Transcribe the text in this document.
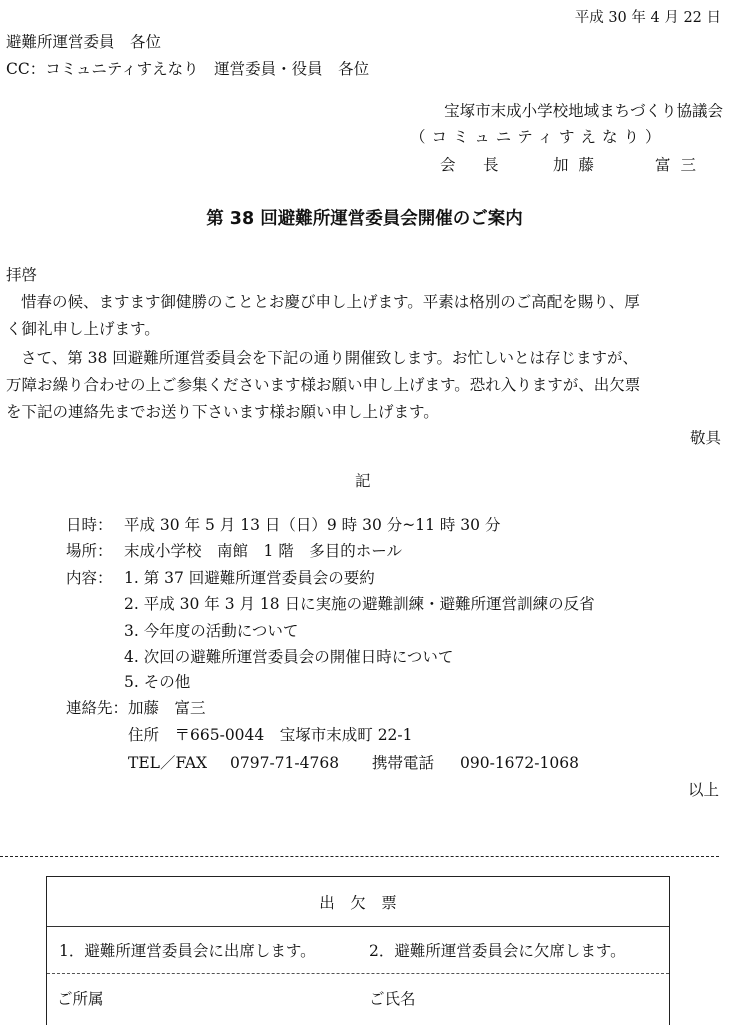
平成 30 年 4 月 22 日
避難所運営委員　各位
CC：コミュニティすえなり　運営委員・役員　各位
宝塚市末成小学校地域まちづくり協議会
（コミュニティすえなり）
会　長	加藤　　富三
第 38 回避難所運営委員会開催のご案内
拝啓
惜春の候、ますます御健勝のこととお慶び申し上げます。平素は格別のご高配を賜り、厚
く御礼申し上げます。
さて、第 38 回避難所運営委員会を下記の通り開催致します。お忙しいとは存じますが、
万障お繰り合わせの上ご参集くださいます様お願い申し上げます。恐れ入りますが、出欠票
を下記の連絡先までお送り下さいます様お願い申し上げます。
敬具
記
日時： 平成 30 年 5 月 13 日（日）9 時 30 分~11 時 30 分
場所： 末成小学校　南館　1 階　多目的ホール
内容： 1. 第 37 回避難所運営委員会の要約
2. 平成 30 年 3 月 18 日に実施の避難訓練・避難所運営訓練の反省
3. 今年度の活動について
4. 次回の避難所運営委員会の開催日時について
5. その他
連絡先：加藤　富三
住所　〒665-0044　宝塚市末成町 22-1
TEL／FAX 0797-71-4768 携帯電話 090-1672-1068
以上
出　欠　票
1．避難所運営委員会に出席します。	2．避難所運営委員会に欠席します。
ご所属	ご氏名
